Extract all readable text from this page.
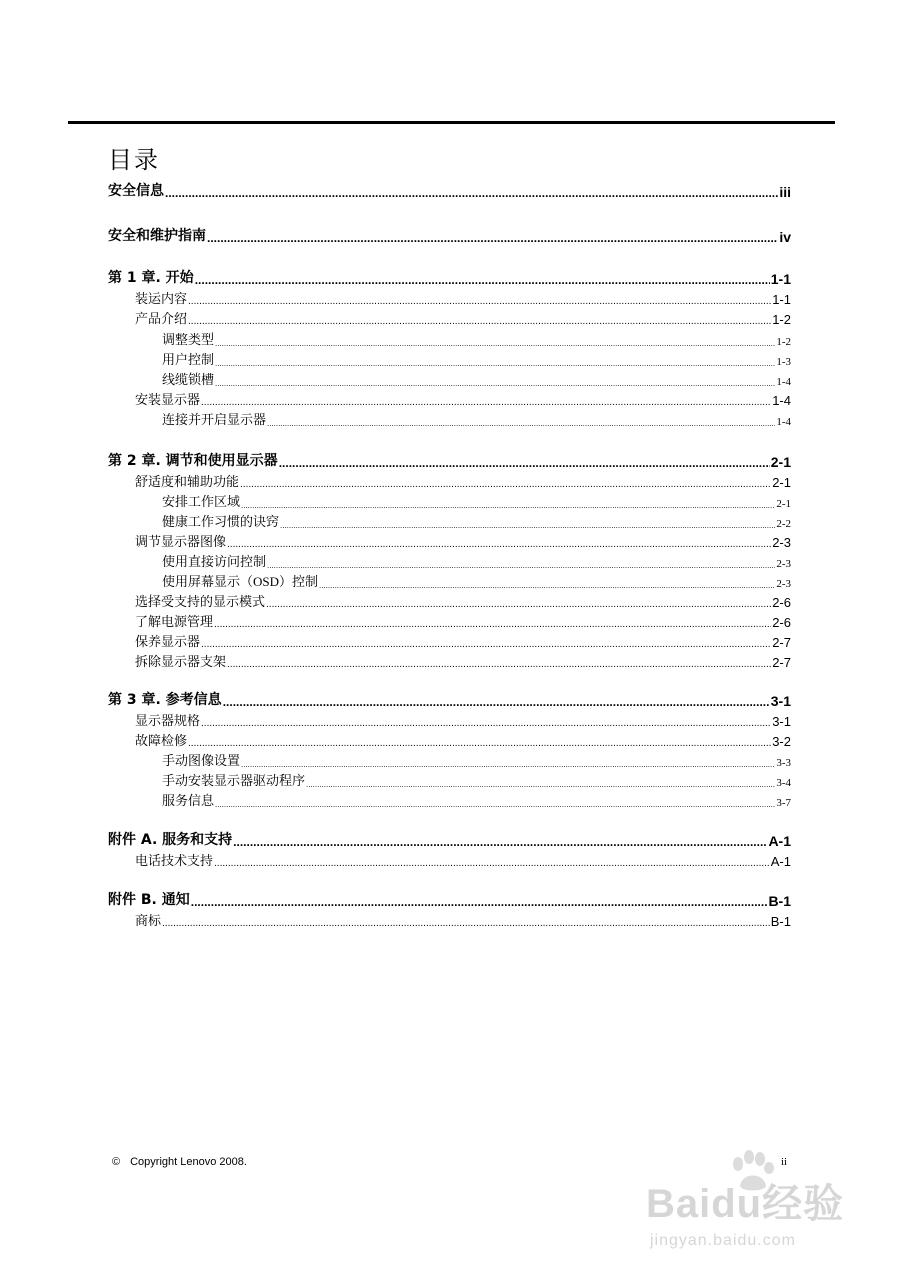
目录
安全信息 .....	iii
安全和维护指南 .....	iv
第 1 章. 开始 .....	1-1
装运内容 .....	1-1
产品介绍 .....	1-2
调整类型 .....	1-2
用户控制 .....	1-3
线缆锁槽 .....	1-4
安装显示器 .....	1-4
连接并开启显示器 .....	1-4
第 2 章. 调节和使用显示器 .....	2-1
舒适度和辅助功能 .....	2-1
安排工作区域 .....	2-1
健康工作习惯的诀窍 .....	2-2
调节显示器图像 .....	2-3
使用直接访问控制 .....	2-3
使用屏幕显示（OSD）控制 .....	2-3
选择受支持的显示模式 .....	2-6
了解电源管理 .....	2-6
保养显示器 .....	2-7
拆除显示器支架 .....	2-7
第 3 章. 参考信息 .....	3-1
显示器规格 .....	3-1
故障检修 .....	3-2
手动图像设置 .....	3-3
手动安装显示器驱动程序 .....	3-4
服务信息 .....	3-7
附件 A. 服务和支持 .....	A-1
电话技术支持 .....	A-1
附件 B. 通知 .....	B-1
商标 .....	B-1
© Copyright Lenovo 2008.	ii
Baidu经验
jingyan.baidu.com
